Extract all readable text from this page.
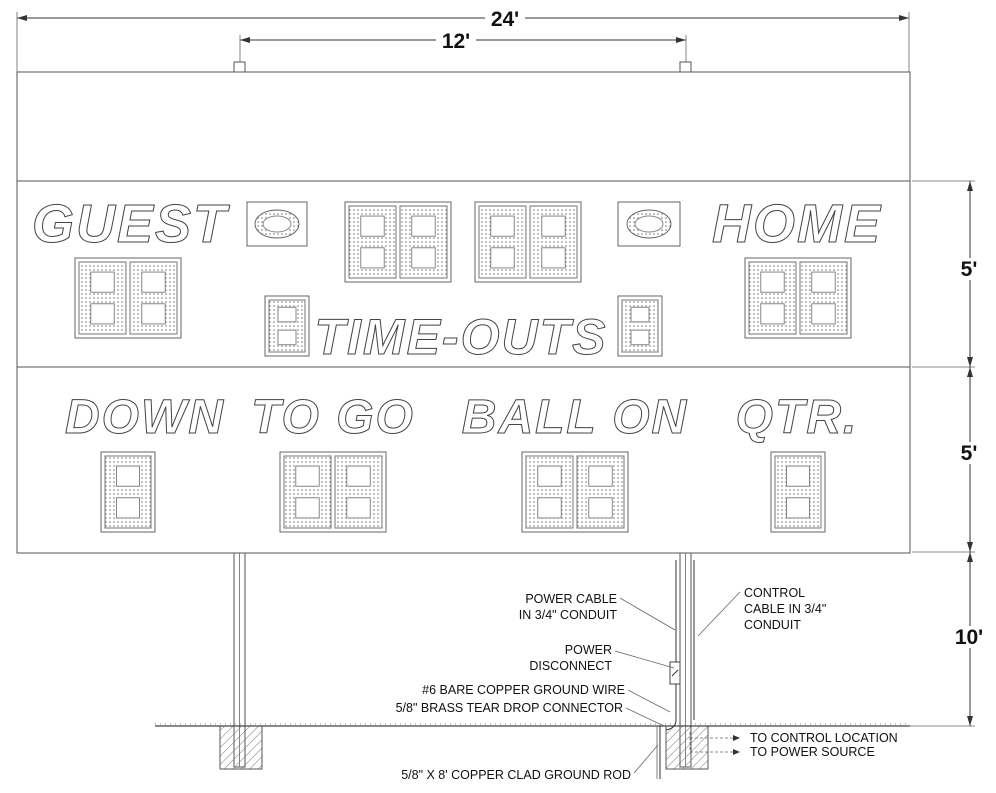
24'
12'
5'
5'
10'
GUEST	HOME
TIME-OUTS
DOWN TO GO BALL ON QTR.
POWER CABLE
IN 3/4" CONDUIT
CONTROL
CABLE IN 3/4"
CONDUIT
POWER
DISCONNECT
#6 BARE COPPER GROUND WIRE
5/8" BRASS TEAR DROP CONNECTOR
5/8" X 8' COPPER CLAD GROUND ROD
TO CONTROL LOCATION
TO POWER SOURCE
